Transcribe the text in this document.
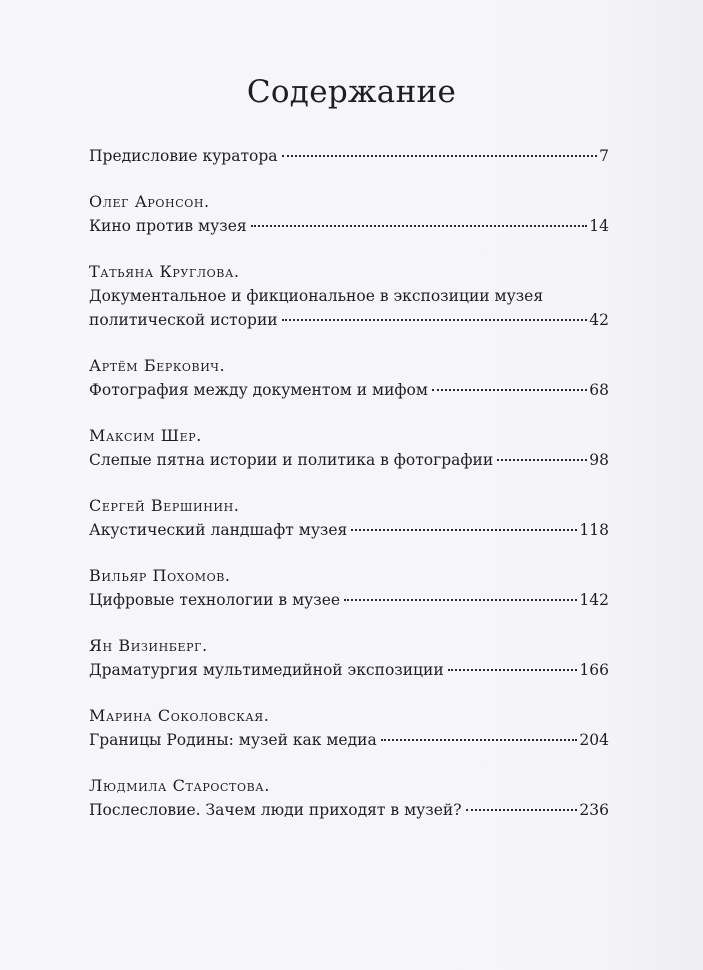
Содержание
Предисловие куратора	7
Олег Аронсон.
Кино против музея	14
Татьяна Круглова.
Документальное и фикциональное в экспозиции музея
политической истории	42
Артём Беркович.
Фотография между документом и мифом	68
Максим Шер.
Слепые пятна истории и политика в фотографии	98
Сергей Вершинин.
Акустический ландшафт музея	118
Вильяр Похомов.
Цифровые технологии в музее	142
Ян Визинберг.
Драматургия мультимедийной экспозиции	166
Марина Соколовская.
Границы Родины: музей как медиа	204
Людмила Старостова.
Послесловие. Зачем люди приходят в музей?	236
